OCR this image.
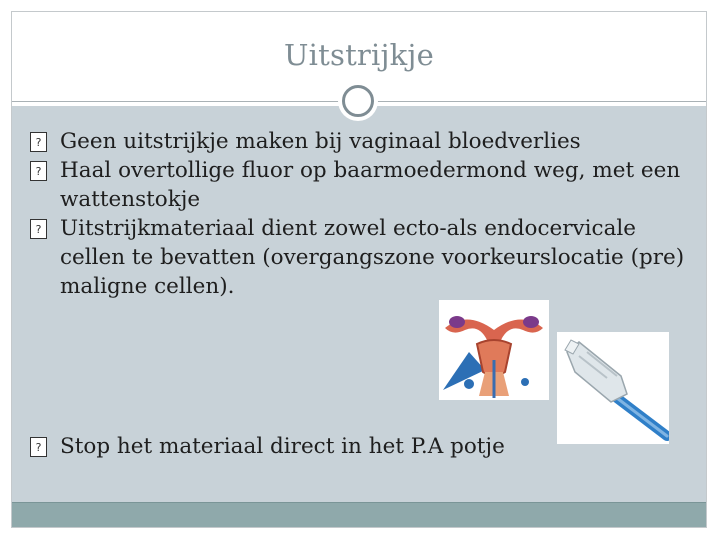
Uitstrijkje
? Geen uitstrijkje maken bij vaginaal bloedverlies
? Haal overtollige fluor op baarmoedermond weg, met een wattenstokje
? Uitstrijkmateriaal dient zowel ecto-als endocervicale cellen te bevatten (overgangszone voorkeurslocatie (pre) maligne cellen).
? Stop het materiaal direct in het P.A potje
